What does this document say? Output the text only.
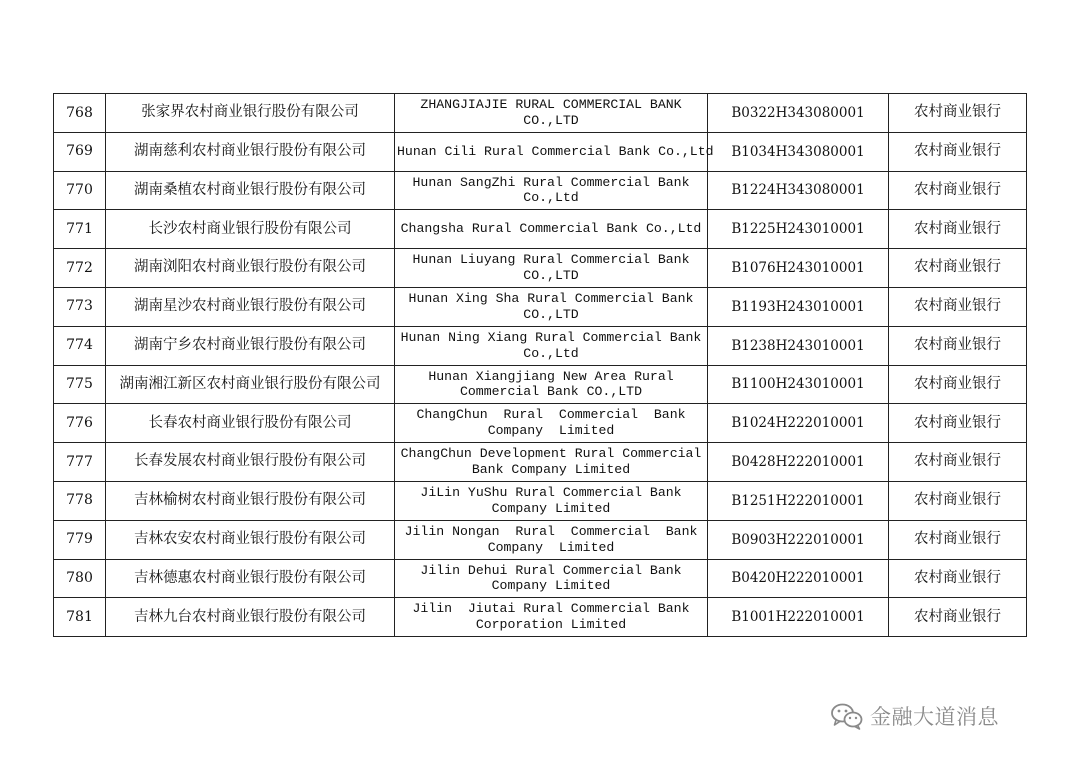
768	张家界农村商业银行股份有限公司	ZHANGJIAJIE RURAL COMMERCIAL BANK
CO.,LTD	B0322H343080001	农村商业银行
769	湖南慈利农村商业银行股份有限公司	Hunan Cili Rural Commercial Bank Co.,Ltd	B1034H343080001	农村商业银行
770	湖南桑植农村商业银行股份有限公司	Hunan SangZhi Rural Commercial Bank
Co.,Ltd	B1224H343080001	农村商业银行
771	长沙农村商业银行股份有限公司	Changsha Rural Commercial Bank Co.,Ltd	B1225H243010001	农村商业银行
772	湖南浏阳农村商业银行股份有限公司	Hunan Liuyang Rural Commercial Bank
CO.,LTD	B1076H243010001	农村商业银行
773	湖南星沙农村商业银行股份有限公司	Hunan Xing Sha Rural Commercial Bank
CO.,LTD	B1193H243010001	农村商业银行
774	湖南宁乡农村商业银行股份有限公司	Hunan Ning Xiang Rural Commercial Bank
Co.,Ltd	B1238H243010001	农村商业银行
775	湖南湘江新区农村商业银行股份有限公司	Hunan Xiangjiang New Area Rural
Commercial Bank CO.,LTD	B1100H243010001	农村商业银行
776	长春农村商业银行股份有限公司	ChangChun  Rural  Commercial  Bank
Company  Limited	B1024H222010001	农村商业银行
777	长春发展农村商业银行股份有限公司	ChangChun Development Rural Commercial
Bank Company Limited	B0428H222010001	农村商业银行
778	吉林榆树农村商业银行股份有限公司	JiLin YuShu Rural Commercial Bank
Company Limited	B1251H222010001	农村商业银行
779	吉林农安农村商业银行股份有限公司	Jilin Nongan  Rural  Commercial  Bank
Company  Limited	B0903H222010001	农村商业银行
780	吉林德惠农村商业银行股份有限公司	Jilin Dehui Rural Commercial Bank
Company Limited	B0420H222010001	农村商业银行
781	吉林九台农村商业银行股份有限公司	Jilin  Jiutai Rural Commercial Bank
Corporation Limited	B1001H222010001	农村商业银行
金融大道消息
